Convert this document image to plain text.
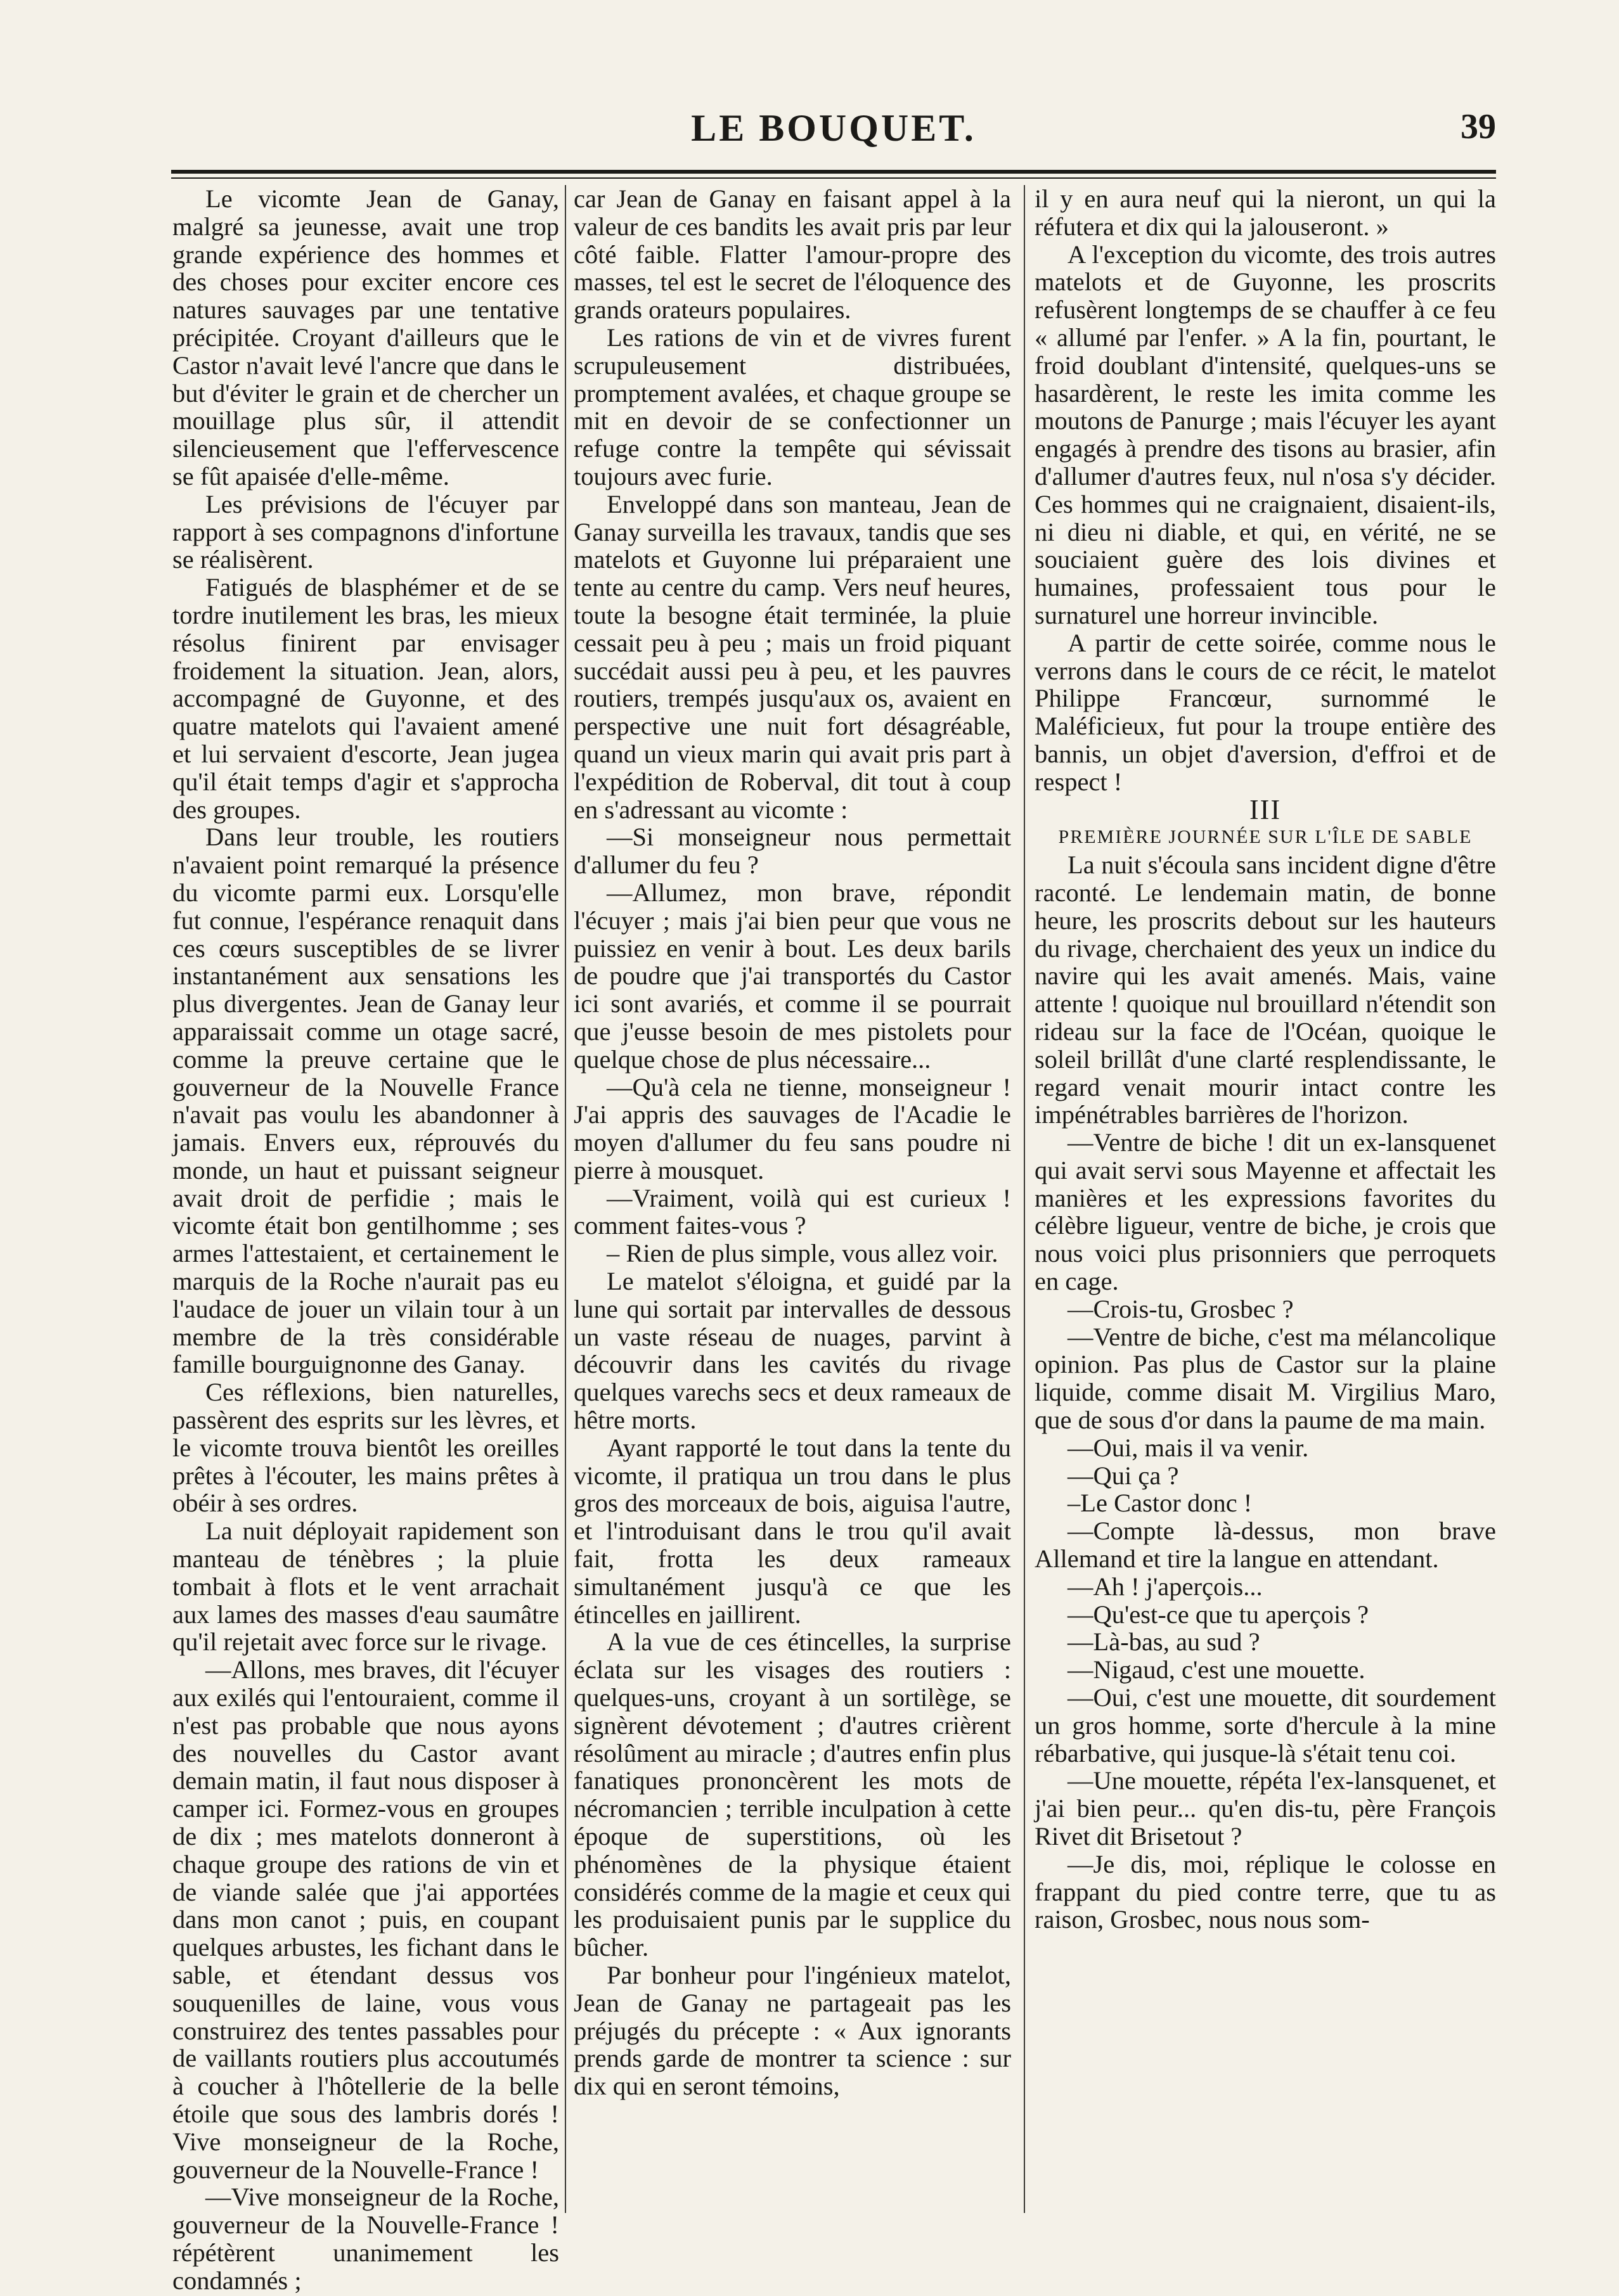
LE BOUQUET.	39

Le vicomte Jean de Ganay, malgré sa jeunesse, avait une trop grande expérience des hommes et des choses pour exciter encore ces natures sauvages par une tentative précipitée. Croyant d'ailleurs que le Castor n'avait levé l'ancre que dans le but d'éviter le grain et de chercher un mouillage plus sûr, il attendit silencieusement que l'effervescence se fût apaisée d'elle-même.

Les prévisions de l'écuyer par rapport à ses compagnons d'infortune se réalisèrent.

Fatigués de blasphémer et de se tordre inutilement les bras, les mieux résolus finirent par envisager froidement la situation. Jean, alors, accompagné de Guyonne, et des quatre matelots qui l'avaient amené et lui servaient d'escorte, Jean jugea qu'il était temps d'agir et s'approcha des groupes.

Dans leur trouble, les routiers n'avaient point remarqué la présence du vicomte parmi eux. Lorsqu'elle fut connue, l'espérance renaquit dans ces cœurs susceptibles de se livrer instantanément aux sensations les plus divergentes. Jean de Ganay leur apparaissait comme un otage sacré, comme la preuve certaine que le gouverneur de la Nouvelle France n'avait pas voulu les abandonner à jamais. Envers eux, réprouvés du monde, un haut et puissant seigneur avait droit de perfidie ; mais le vicomte était bon gentilhomme ; ses armes l'attestaient, et certainement le marquis de la Roche n'aurait pas eu l'audace de jouer un vilain tour à un membre de la très considérable famille bourguignonne des Ganay.

Ces réflexions, bien naturelles, passèrent des esprits sur les lèvres, et le vicomte trouva bientôt les oreilles prêtes à l'écouter, les mains prêtes à obéir à ses ordres.

La nuit déployait rapidement son manteau de ténèbres ; la pluie tombait à flots et le vent arrachait aux lames des masses d'eau saumâtre qu'il rejetait avec force sur le rivage.

—Allons, mes braves, dit l'écuyer aux exilés qui l'entouraient, comme il n'est pas probable que nous ayons des nouvelles du Castor avant demain matin, il faut nous disposer à camper ici. Formez-vous en groupes de dix ; mes matelots donneront à chaque groupe des rations de vin et de viande salée que j'ai apportées dans mon canot ; puis, en coupant quelques arbustes, les fichant dans le sable, et étendant dessus vos souquenilles de laine, vous vous construirez des tentes passables pour de vaillants routiers plus accoutumés à coucher à l'hôtellerie de la belle étoile que sous des lambris dorés ! Vive monseigneur de la Roche, gouverneur de la Nouvelle-France !

—Vive monseigneur de la Roche, gouverneur de la Nouvelle-France ! répétèrent unanimement les condamnés ;

car Jean de Ganay en faisant appel à la valeur de ces bandits les avait pris par leur côté faible. Flatter l'amour-propre des masses, tel est le secret de l'éloquence des grands orateurs populaires.

Les rations de vin et de vivres furent scrupuleusement distribuées, promptement avalées, et chaque groupe se mit en devoir de se confectionner un refuge contre la tempête qui sévissait toujours avec furie.

Enveloppé dans son manteau, Jean de Ganay surveilla les travaux, tandis que ses matelots et Guyonne lui préparaient une tente au centre du camp. Vers neuf heures, toute la besogne était terminée, la pluie cessait peu à peu ; mais un froid piquant succédait aussi peu à peu, et les pauvres routiers, trempés jusqu'aux os, avaient en perspective une nuit fort désagréable, quand un vieux marin qui avait pris part à l'expédition de Roberval, dit tout à coup en s'adressant au vicomte :

—Si monseigneur nous permettait d'allumer du feu ?

—Allumez, mon brave, répondit l'écuyer ; mais j'ai bien peur que vous ne puissiez en venir à bout. Les deux barils de poudre que j'ai transportés du Castor ici sont avariés, et comme il se pourrait que j'eusse besoin de mes pistolets pour quelque chose de plus nécessaire...

—Qu'à cela ne tienne, monseigneur ! J'ai appris des sauvages de l'Acadie le moyen d'allumer du feu sans poudre ni pierre à mousquet.

—Vraiment, voilà qui est curieux ! comment faites-vous ?

– Rien de plus simple, vous allez voir.

Le matelot s'éloigna, et guidé par la lune qui sortait par intervalles de dessous un vaste réseau de nuages, parvint à découvrir dans les cavités du rivage quelques varechs secs et deux rameaux de hêtre morts.

Ayant rapporté le tout dans la tente du vicomte, il pratiqua un trou dans le plus gros des morceaux de bois, aiguisa l'autre, et l'introduisant dans le trou qu'il avait fait, frotta les deux rameaux simultanément jusqu'à ce que les étincelles en jaillirent.

A la vue de ces étincelles, la surprise éclata sur les visages des routiers : quelques-uns, croyant à un sortilège, se signèrent dévotement ; d'autres crièrent résolûment au miracle ; d'autres enfin plus fanatiques prononcèrent les mots de nécromancien ; terrible inculpation à cette époque de superstitions, où les phénomènes de la physique étaient considérés comme de la magie et ceux qui les produisaient punis par le supplice du bûcher.

Par bonheur pour l'ingénieux matelot, Jean de Ganay ne partageait pas les préjugés du précepte : « Aux ignorants prends garde de montrer ta science : sur dix qui en seront témoins,

il y en aura neuf qui la nieront, un qui la réfutera et dix qui la jalouseront. »

A l'exception du vicomte, des trois autres matelots et de Guyonne, les proscrits refusèrent longtemps de se chauffer à ce feu « allumé par l'enfer. » A la fin, pourtant, le froid doublant d'intensité, quelques-uns se hasardèrent, le reste les imita comme les moutons de Panurge ; mais l'écuyer les ayant engagés à prendre des tisons au brasier, afin d'allumer d'autres feux, nul n'osa s'y décider. Ces hommes qui ne craignaient, disaient-ils, ni dieu ni diable, et qui, en vérité, ne se souciaient guère des lois divines et humaines, professaient tous pour le surnaturel une horreur invincible.

A partir de cette soirée, comme nous le verrons dans le cours de ce récit, le matelot Philippe Francœur, surnommé le Maléficieux, fut pour la troupe entière des bannis, un objet d'aversion, d'effroi et de respect !

III

PREMIÈRE JOURNÉE SUR L'ÎLE DE SABLE

La nuit s'écoula sans incident digne d'être raconté. Le lendemain matin, de bonne heure, les proscrits debout sur les hauteurs du rivage, cherchaient des yeux un indice du navire qui les avait amenés. Mais, vaine attente ! quoique nul brouillard n'étendit son rideau sur la face de l'Océan, quoique le soleil brillât d'une clarté resplendissante, le regard venait mourir intact contre les impénétrables barrières de l'horizon.

—Ventre de biche ! dit un ex-lansquenet qui avait servi sous Mayenne et affectait les manières et les expressions favorites du célèbre ligueur, ventre de biche, je crois que nous voici plus prisonniers que perroquets en cage.

—Crois-tu, Grosbec ?

—Ventre de biche, c'est ma mélancolique opinion. Pas plus de Castor sur la plaine liquide, comme disait M. Virgilius Maro, que de sous d'or dans la paume de ma main.

—Oui, mais il va venir.

—Qui ça ?

–Le Castor donc !

—Compte là-dessus, mon brave Allemand et tire la langue en attendant.

—Ah ! j'aperçois...

—Qu'est-ce que tu aperçois ?

—Là-bas, au sud ?

—Nigaud, c'est une mouette.

—Oui, c'est une mouette, dit sourdement un gros homme, sorte d'hercule à la mine rébarbative, qui jusque-là s'était tenu coi.

—Une mouette, répéta l'ex-lansquenet, et j'ai bien peur... qu'en dis-tu, père François Rivet dit Brisetout ?

—Je dis, moi, réplique le colosse en frappant du pied contre terre, que tu as raison, Grosbec, nous nous som-
